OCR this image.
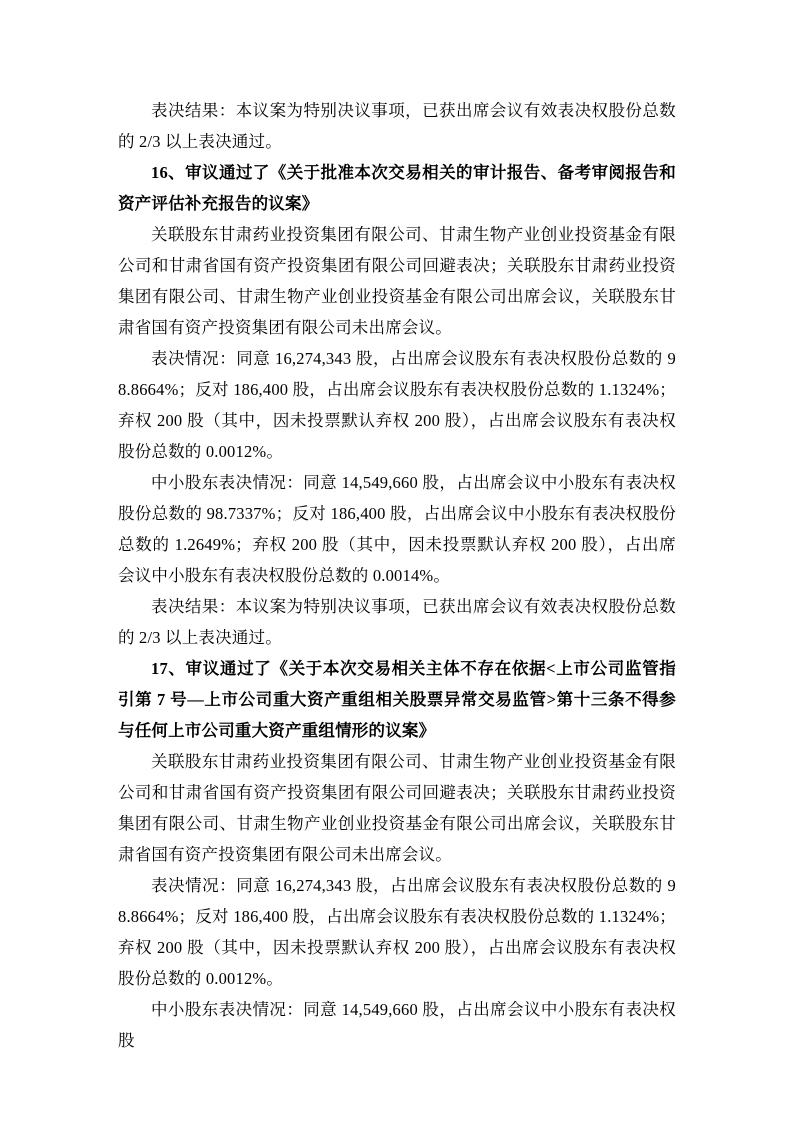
表决结果：本议案为特别决议事项，已获出席会议有效表决权股份总数的 2/3 以上表决通过。

16、审议通过了《关于批准本次交易相关的审计报告、备考审阅报告和资产评估补充报告的议案》

关联股东甘肃药业投资集团有限公司、甘肃生物产业创业投资基金有限公司和甘肃省国有资产投资集团有限公司回避表决；关联股东甘肃药业投资集团有限公司、甘肃生物产业创业投资基金有限公司出席会议，关联股东甘肃省国有资产投资集团有限公司未出席会议。

表决情况：同意 16,274,343 股，占出席会议股东有表决权股份总数的 98.8664%；反对 186,400 股，占出席会议股东有表决权股份总数的 1.1324%；弃权 200 股（其中，因未投票默认弃权 200 股），占出席会议股东有表决权股份总数的 0.0012%。

中小股东表决情况：同意 14,549,660 股，占出席会议中小股东有表决权股份总数的 98.7337%；反对 186,400 股，占出席会议中小股东有表决权股份总数的 1.2649%；弃权 200 股（其中，因未投票默认弃权 200 股），占出席会议中小股东有表决权股份总数的 0.0014%。

表决结果：本议案为特别决议事项，已获出席会议有效表决权股份总数的 2/3 以上表决通过。

17、审议通过了《关于本次交易相关主体不存在依据<上市公司监管指引第 7 号—上市公司重大资产重组相关股票异常交易监管>第十三条不得参与任何上市公司重大资产重组情形的议案》

关联股东甘肃药业投资集团有限公司、甘肃生物产业创业投资基金有限公司和甘肃省国有资产投资集团有限公司回避表决；关联股东甘肃药业投资集团有限公司、甘肃生物产业创业投资基金有限公司出席会议，关联股东甘肃省国有资产投资集团有限公司未出席会议。

表决情况：同意 16,274,343 股，占出席会议股东有表决权股份总数的 98.8664%；反对 186,400 股，占出席会议股东有表决权股份总数的 1.1324%；弃权 200 股（其中，因未投票默认弃权 200 股），占出席会议股东有表决权股份总数的 0.0012%。

中小股东表决情况：同意 14,549,660 股，占出席会议中小股东有表决权股
